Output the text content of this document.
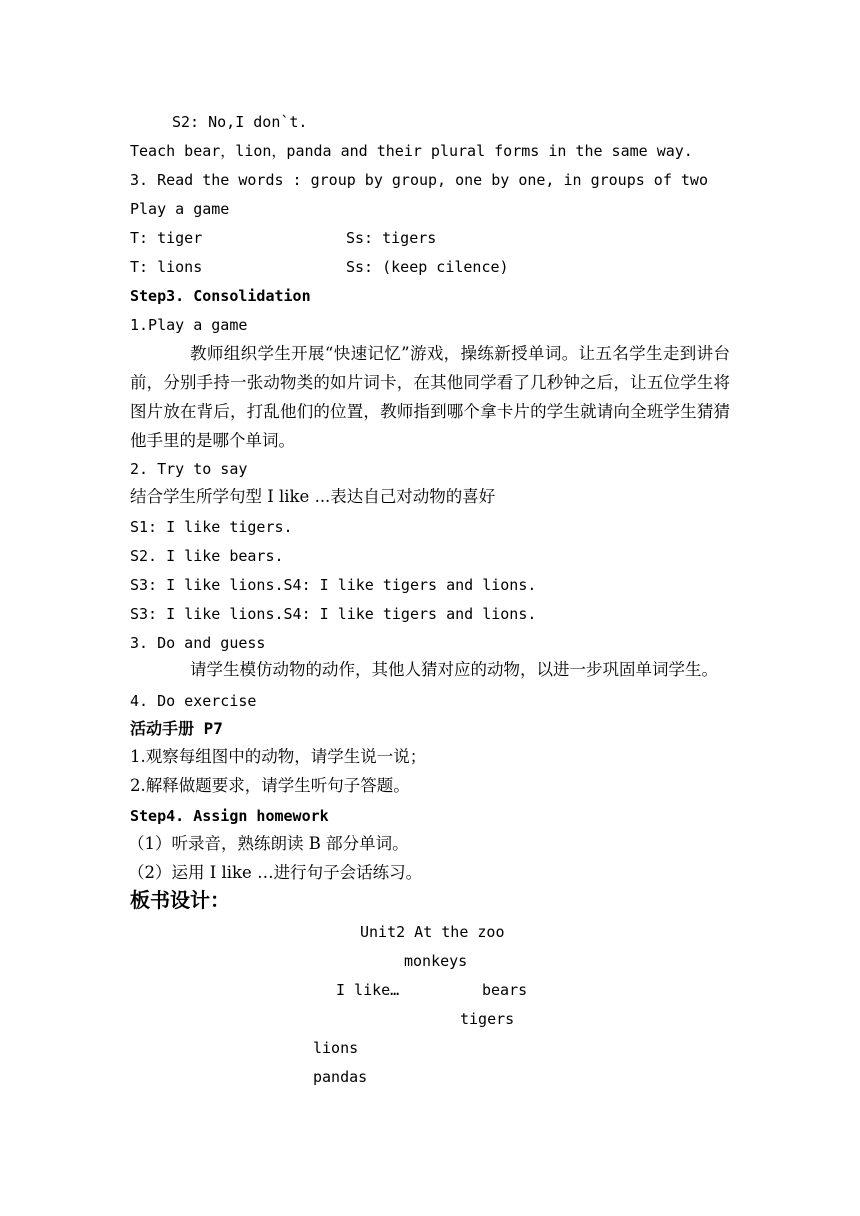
S2: No,I don`t.
Teach bear，lion，panda and their plural forms in the same way.
3. Read the words : group by group, one by one, in groups of two
Play a game
T: tiger	Ss: tigers
T: lions	Ss: (keep cilence)
Step3. Consolidation
1.Play a game
教师组织学生开展“快速记忆”游戏，操练新授单词。让五名学生走到讲台前，分别手持一张动物类的如片词卡，在其他同学看了几秒钟之后，让五位学生将图片放在背后，打乱他们的位置，教师指到哪个拿卡片的学生就请向全班学生猜猜他手里的是哪个单词。
2. Try to say
结合学生所学句型 I like ...表达自己对动物的喜好
S1: I like tigers.
S2. I like bears.
S3: I like lions.S4: I like tigers and lions.
S3: I like lions.S4: I like tigers and lions.
3. Do and guess
请学生模仿动物的动作，其他人猜对应的动物，以进一步巩固单词学生。
4. Do exercise
活动手册 P7
1.观察每组图中的动物，请学生说一说；
2.解释做题要求，请学生听句子答题。
Step4. Assign homework
（1）听录音，熟练朗读 B 部分单词。
（2）运用 I like …进行句子会话练习。
板书设计：
Unit2 At the zoo
monkeys
I like…	bears
tigers
lions
pandas
